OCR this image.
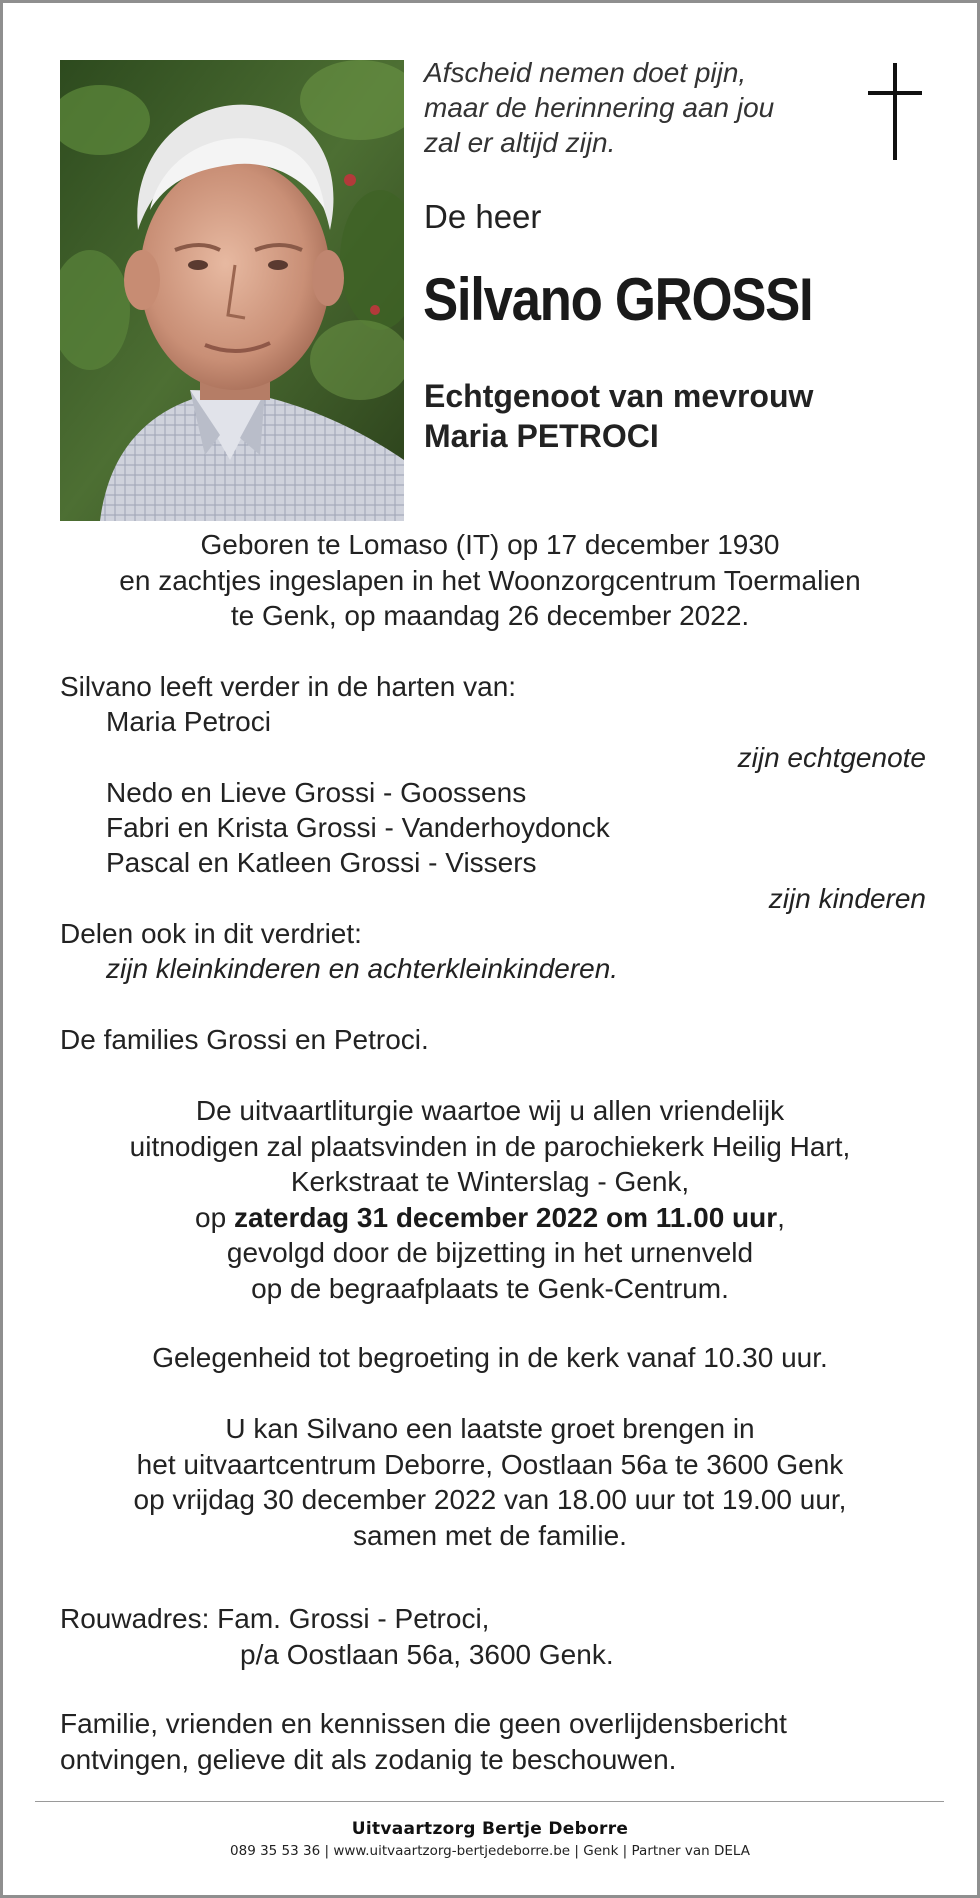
Afscheid nemen doet pijn,
maar de herinnering aan jou
zal er altijd zijn.
De heer
Silvano GROSSI
Echtgenoot van mevrouw
Maria PETROCI
Geboren te Lomaso (IT) op 17 december 1930
en zachtjes ingeslapen in het Woonzorgcentrum Toermalien
te Genk, op maandag 26 december 2022.
Silvano leeft verder in de harten van:
Maria Petroci
zijn echtgenote
Nedo en Lieve Grossi - Goossens
Fabri en Krista Grossi - Vanderhoydonck
Pascal en Katleen Grossi - Vissers
zijn kinderen
Delen ook in dit verdriet:
zijn kleinkinderen en achterkleinkinderen.
De families Grossi en Petroci.
De uitvaartliturgie waartoe wij u allen vriendelijk
uitnodigen zal plaatsvinden in de parochiekerk Heilig Hart,
Kerkstraat te Winterslag - Genk,
op zaterdag 31 december 2022 om 11.00 uur,
gevolgd door de bijzetting in het urnenveld
op de begraafplaats te Genk-Centrum.
Gelegenheid tot begroeting in de kerk vanaf 10.30 uur.
U kan Silvano een laatste groet brengen in
het uitvaartcentrum Deborre, Oostlaan 56a te 3600 Genk
op vrijdag 30 december 2022 van 18.00 uur tot 19.00 uur,
samen met de familie.
Rouwadres: Fam. Grossi - Petroci,
p/a Oostlaan 56a, 3600 Genk.
Familie, vrienden en kennissen die geen overlijdensbericht
ontvingen, gelieve dit als zodanig te beschouwen.
Uitvaartzorg Bertje Deborre
089 35 53 36 | www.uitvaartzorg-bertjedeborre.be | Genk | Partner van DELA
